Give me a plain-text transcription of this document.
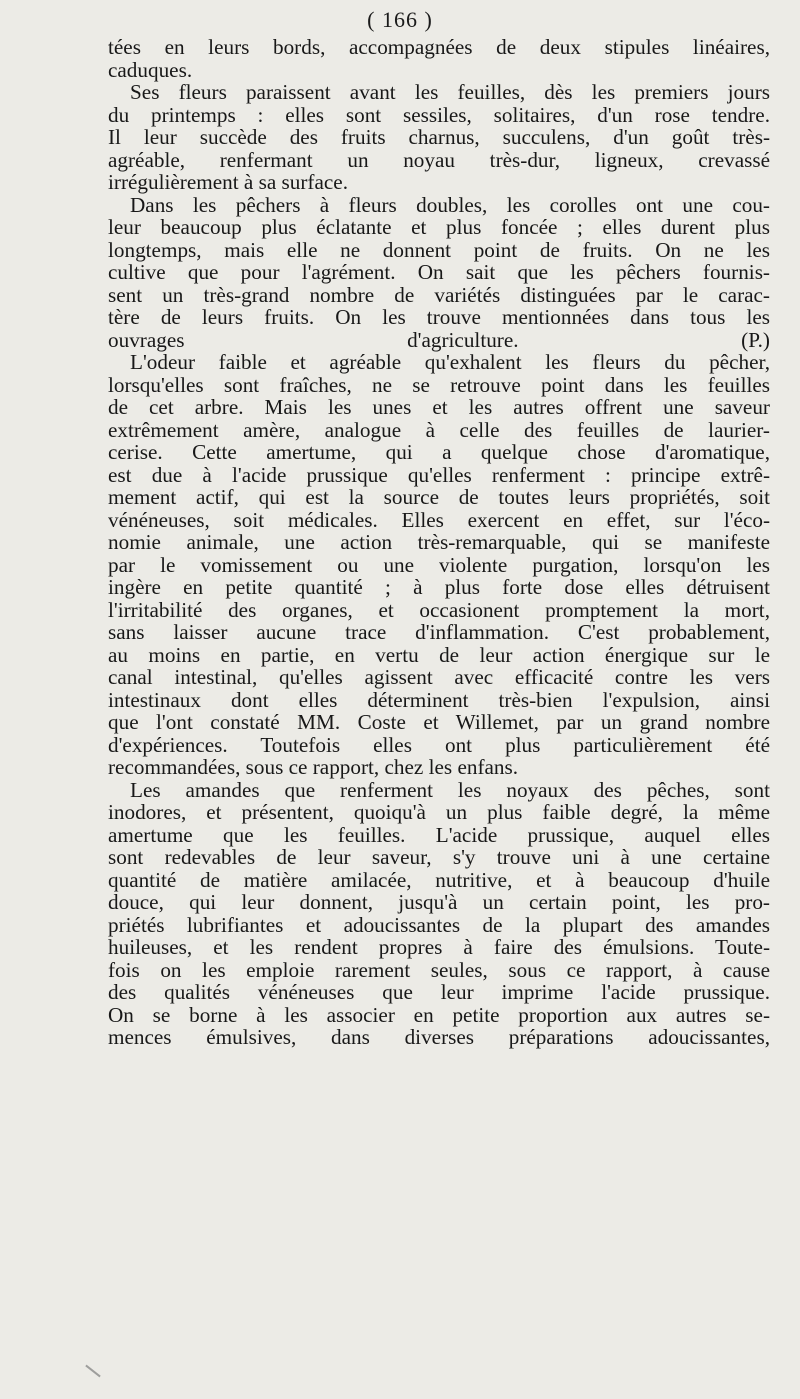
( 166 )
tées en leurs bords, accompagnées de deux stipules linéaires,
caduques.
Ses fleurs paraissent avant les feuilles, dès les premiers jours
du printemps : elles sont sessiles, solitaires, d'un rose tendre.
Il leur succède des fruits charnus, succulens, d'un goût très-
agréable, renfermant un noyau très-dur, ligneux, crevassé
irrégulièrement à sa surface.
Dans les pêchers à fleurs doubles, les corolles ont une cou-
leur beaucoup plus éclatante et plus foncée ; elles durent plus
longtemps, mais elle ne donnent point de fruits. On ne les
cultive que pour l'agrément. On sait que les pêchers fournis-
sent un très-grand nombre de variétés distinguées par le carac-
tère de leurs fruits. On les trouve mentionnées dans tous les
ouvrages d'agriculture. (P.)
L'odeur faible et agréable qu'exhalent les fleurs du pêcher,
lorsqu'elles sont fraîches, ne se retrouve point dans les feuilles
de cet arbre. Mais les unes et les autres offrent une saveur
extrêmement amère, analogue à celle des feuilles de laurier-
cerise. Cette amertume, qui a quelque chose d'aromatique,
est due à l'acide prussique qu'elles renferment : principe extrê-
mement actif, qui est la source de toutes leurs propriétés, soit
vénéneuses, soit médicales. Elles exercent en effet, sur l'éco-
nomie animale, une action très-remarquable, qui se manifeste
par le vomissement ou une violente purgation, lorsqu'on les
ingère en petite quantité ; à plus forte dose elles détruisent
l'irritabilité des organes, et occasionent promptement la mort,
sans laisser aucune trace d'inflammation. C'est probablement,
au moins en partie, en vertu de leur action énergique sur le
canal intestinal, qu'elles agissent avec efficacité contre les vers
intestinaux dont elles déterminent très-bien l'expulsion, ainsi
que l'ont constaté MM. Coste et Willemet, par un grand nombre
d'expériences. Toutefois elles ont plus particulièrement été
recommandées, sous ce rapport, chez les enfans.
Les amandes que renferment les noyaux des pêches, sont
inodores, et présentent, quoiqu'à un plus faible degré, la même
amertume que les feuilles. L'acide prussique, auquel elles
sont redevables de leur saveur, s'y trouve uni à une certaine
quantité de matière amilacée, nutritive, et à beaucoup d'huile
douce, qui leur donnent, jusqu'à un certain point, les pro-
priétés lubrifiantes et adoucissantes de la plupart des amandes
huileuses, et les rendent propres à faire des émulsions. Toute-
fois on les emploie rarement seules, sous ce rapport, à cause
des qualités vénéneuses que leur imprime l'acide prussique.
On se borne à les associer en petite proportion aux autres se-
mences émulsives, dans diverses préparations adoucissantes,
